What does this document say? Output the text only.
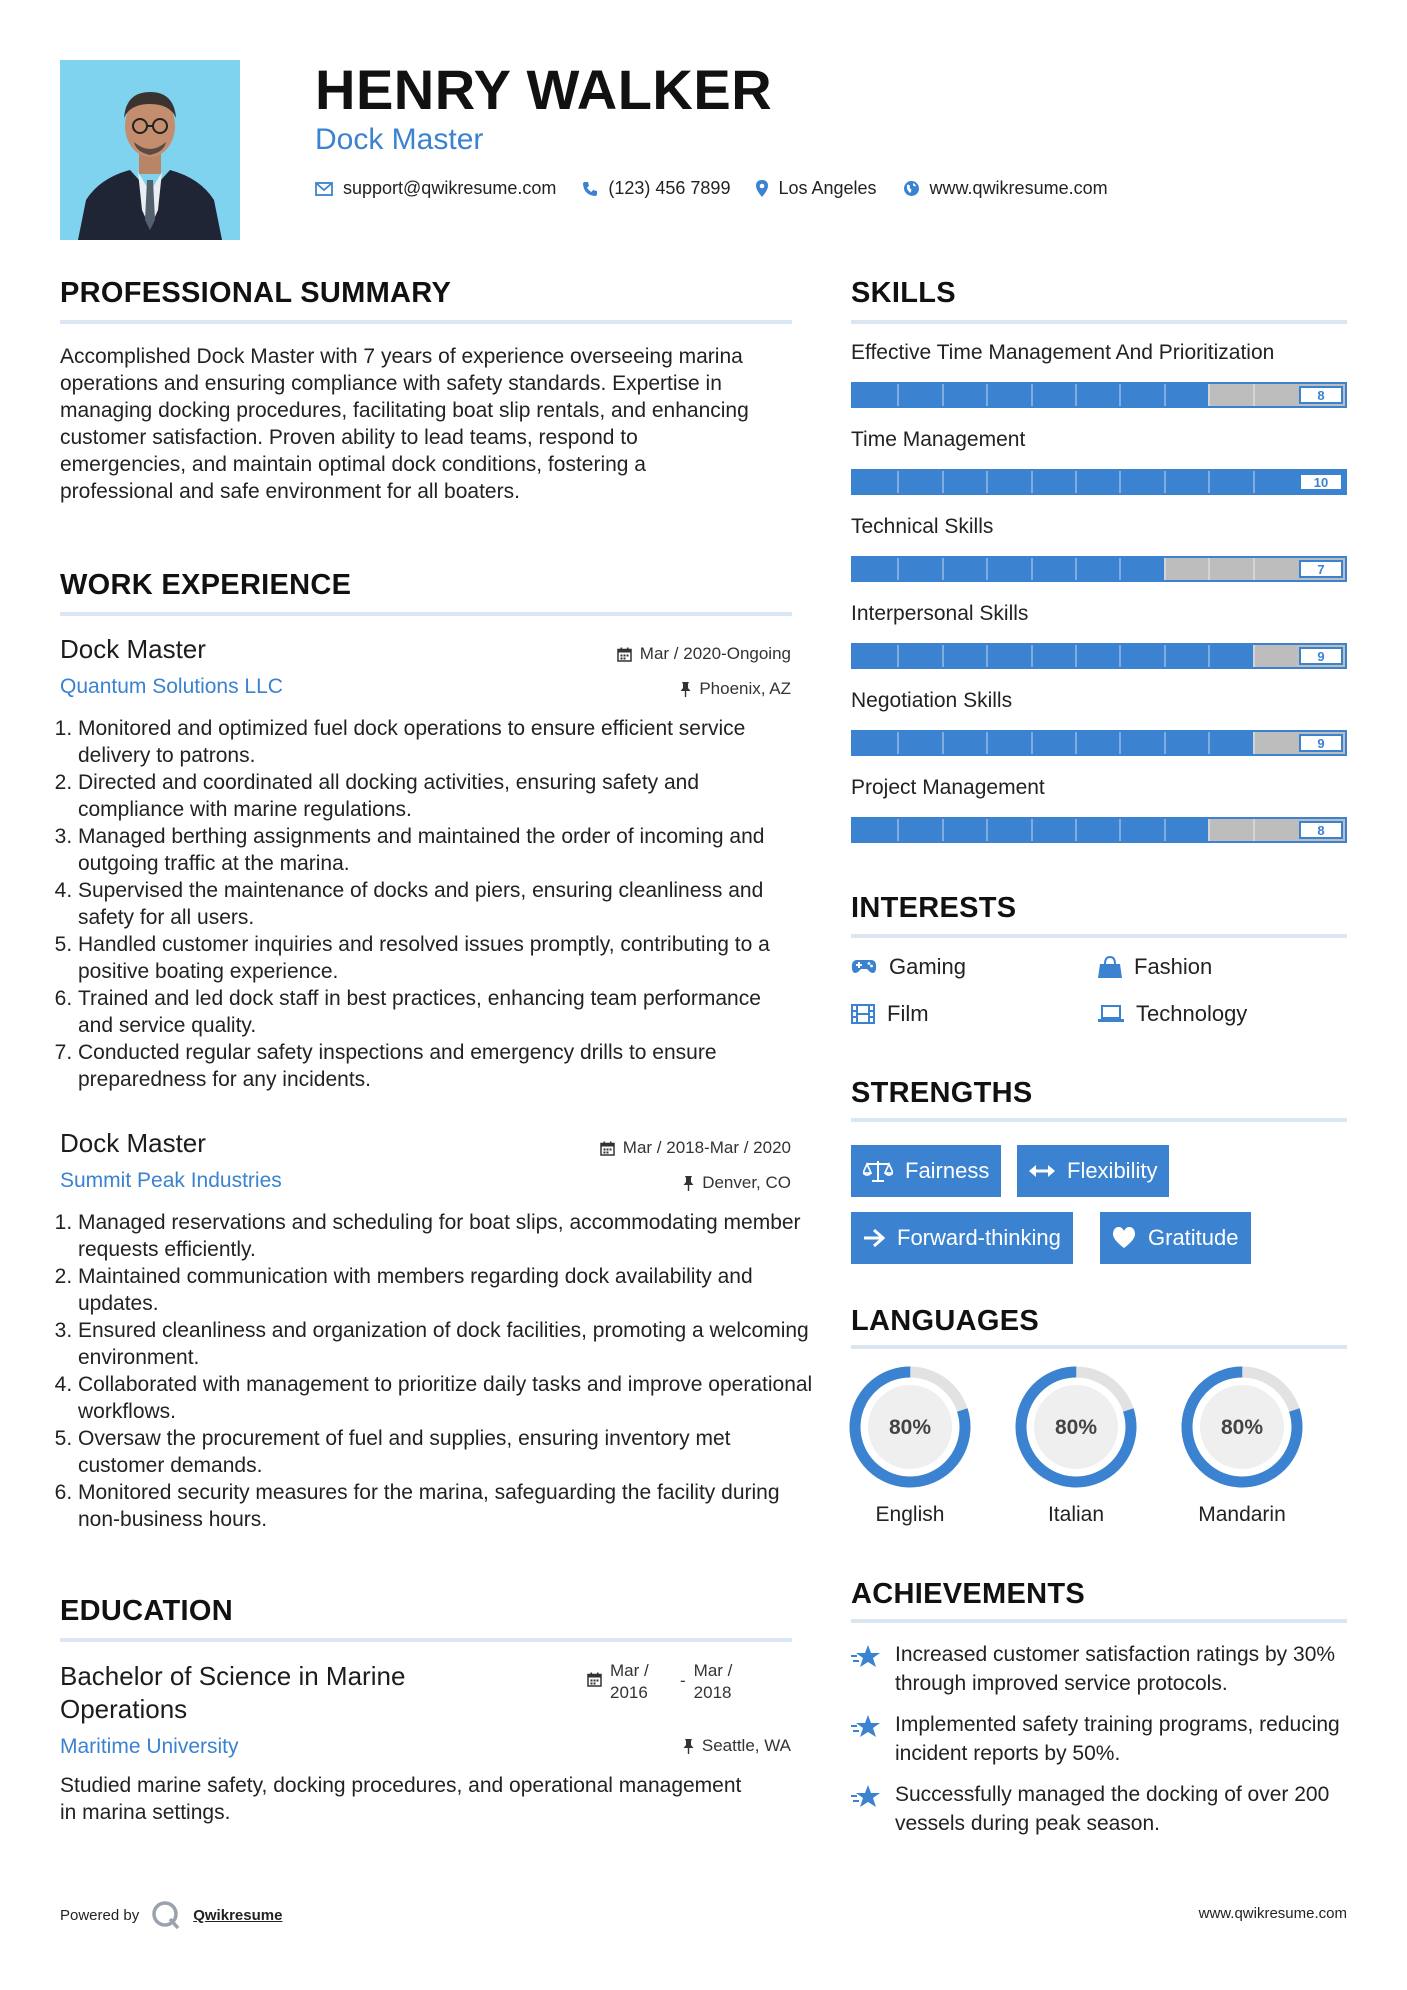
HENRY WALKER
Dock Master
support@qwikresume.com	(123) 456 7899	Los Angeles	www.qwikresume.com
PROFESSIONAL SUMMARY
Accomplished Dock Master with 7 years of experience overseeing marina operations and ensuring compliance with safety standards. Expertise in managing docking procedures, facilitating boat slip rentals, and enhancing customer satisfaction. Proven ability to lead teams, respond to emergencies, and maintain optimal dock conditions, fostering a professional and safe environment for all boaters.
WORK EXPERIENCE
Dock Master	Mar / 2020-Ongoing
Quantum Solutions LLC	Phoenix, AZ
1. Monitored and optimized fuel dock operations to ensure efficient service delivery to patrons.
2. Directed and coordinated all docking activities, ensuring safety and compliance with marine regulations.
3. Managed berthing assignments and maintained the order of incoming and outgoing traffic at the marina.
4. Supervised the maintenance of docks and piers, ensuring cleanliness and safety for all users.
5. Handled customer inquiries and resolved issues promptly, contributing to a positive boating experience.
6. Trained and led dock staff in best practices, enhancing team performance and service quality.
7. Conducted regular safety inspections and emergency drills to ensure preparedness for any incidents.
Dock Master	Mar / 2018-Mar / 2020
Summit Peak Industries	Denver, CO
1. Managed reservations and scheduling for boat slips, accommodating member requests efficiently.
2. Maintained communication with members regarding dock availability and updates.
3. Ensured cleanliness and organization of dock facilities, promoting a welcoming environment.
4. Collaborated with management to prioritize daily tasks and improve operational workflows.
5. Oversaw the procurement of fuel and supplies, ensuring inventory met customer demands.
6. Monitored security measures for the marina, safeguarding the facility during non-business hours.
EDUCATION
Bachelor of Science in Marine Operations
Mar / 2016
-
Mar / 2018
Maritime University	Seattle, WA
Studied marine safety, docking procedures, and operational management in marina settings.
SKILLS
Effective Time Management And Prioritization
8
Time Management
10
Technical Skills
7
Interpersonal Skills
9
Negotiation Skills
9
Project Management
8
INTERESTS
Gaming	Fashion
Film	Technology
STRENGTHS
Fairness	Flexibility
Forward-thinking	Gratitude
LANGUAGES
80%
English
80%
Italian
80%
Mandarin
ACHIEVEMENTS
Increased customer satisfaction ratings by 30% through improved service protocols.
Implemented safety training programs, reducing incident reports by 50%.
Successfully managed the docking of over 200 vessels during peak season.
Powered by	Qwikresume	www.qwikresume.com
